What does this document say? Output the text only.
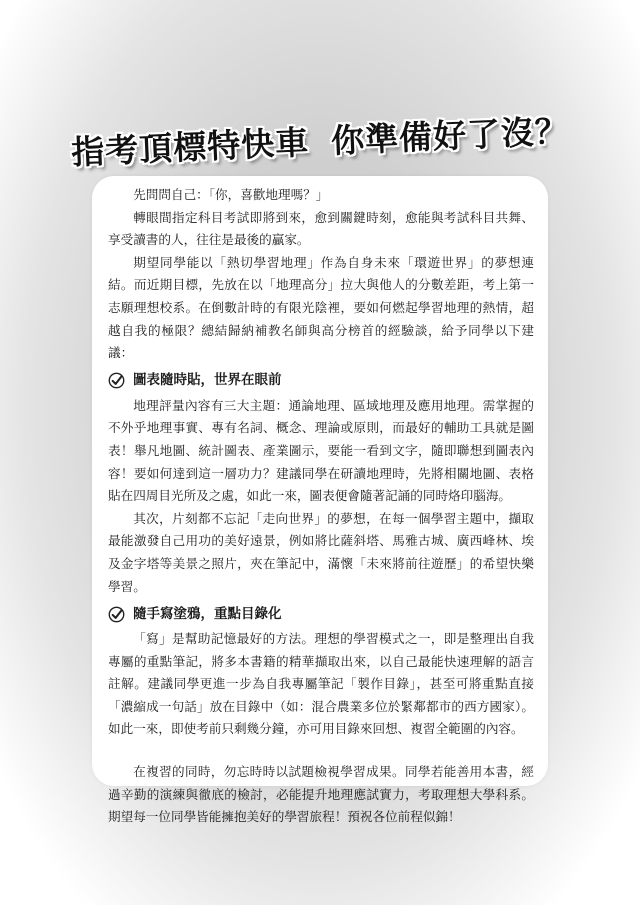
指考頂標特快車 你準備好了沒？

先問問自己：「你，喜歡地理嗎？」

轉眼間指定科目考試即將到來，愈到關鍵時刻，愈能與考試科目共舞、享受讀書的人，往往是最後的贏家。

期望同學能以「熱切學習地理」作為自身未來「環遊世界」的夢想連結。而近期目標，先放在以「地理高分」拉大與他人的分數差距，考上第一志願理想校系。在倒數計時的有限光陰裡，要如何燃起學習地理的熱情，超越自我的極限？總結歸納補教名師與高分榜首的經驗談，給予同學以下建議：

圖表隨時貼，世界在眼前

地理評量內容有三大主題：通論地理、區域地理及應用地理。需掌握的不外乎地理事實、專有名詞、概念、理論或原則，而最好的輔助工具就是圖表！舉凡地圖、統計圖表、產業圖示，要能一看到文字，隨即聯想到圖表內容！要如何達到這一層功力？建議同學在研讀地理時，先將相關地圖、表格貼在四周目光所及之處，如此一來，圖表便會隨著記誦的同時烙印腦海。

其次，片刻都不忘記「走向世界」的夢想，在每一個學習主題中，擷取最能激發自己用功的美好遠景，例如將比薩斜塔、馬雅古城、廣西峰林、埃及金字塔等美景之照片，夾在筆記中，滿懷「未來將前往遊歷」的希望快樂學習。

隨手寫塗鴉，重點目錄化

「寫」是幫助記憶最好的方法。理想的學習模式之一，即是整理出自我專屬的重點筆記，將多本書籍的精華擷取出來，以自己最能快速理解的語言註解。建議同學更進一步為自我專屬筆記「製作目錄」，甚至可將重點直接「濃縮成一句話」放在目錄中（如：混合農業多位於緊鄰都市的西方國家）。如此一來，即使考前只剩幾分鐘，亦可用目錄來回想、複習全範圍的內容。

在複習的同時，勿忘時時以試題檢視學習成果。同學若能善用本書，經過辛勤的演練與徹底的檢討，必能提升地理應試實力，考取理想大學科系。期望每一位同學皆能擁抱美好的學習旅程！預祝各位前程似錦！
